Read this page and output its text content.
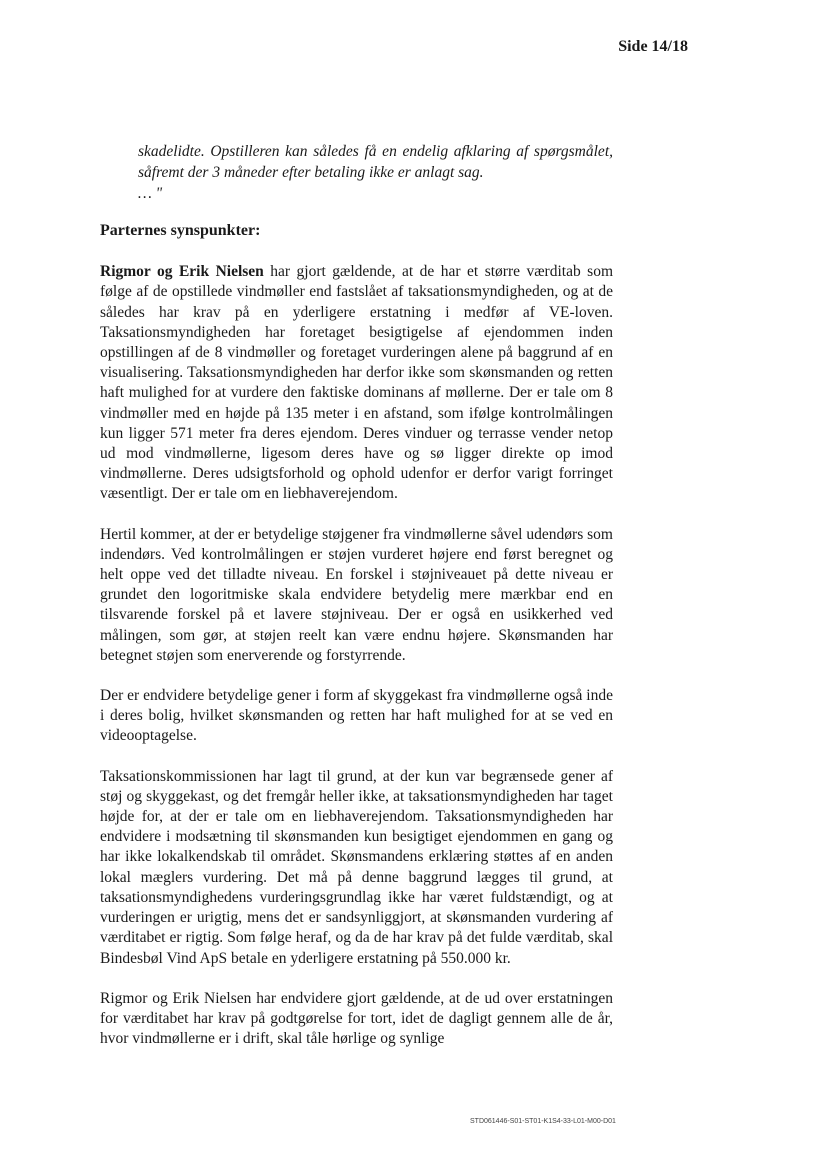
Side 14/18

skadelidte. Opstilleren kan således få en endelig afklaring af spørgsmålet, såfremt der 3 måneder efter betaling ikke er anlagt sag.

… "

Parternes synspunkter:

Rigmor og Erik Nielsen har gjort gældende, at de har et større værditab som følge af de opstillede vindmøller end fastslået af taksationsmyndigheden, og at de således har krav på en yderligere erstatning i medfør af VE-loven. Taksationsmyndigheden har foretaget besigtigelse af ejendommen inden opstillingen af de 8 vindmøller og foretaget vurderingen alene på baggrund af en visualisering. Taksationsmyndigheden har derfor ikke som skønsmanden og retten haft mulighed for at vurdere den faktiske dominans af møllerne. Der er tale om 8 vindmøller med en højde på 135 meter i en afstand, som ifølge kontrolmålingen kun ligger 571 meter fra deres ejendom. Deres vinduer og terrasse vender netop ud mod vindmøllerne, ligesom deres have og sø ligger direkte op imod vindmøllerne. Deres udsigtsforhold og ophold udenfor er derfor varigt forringet væsentligt. Der er tale om en liebhaverejendom.

Hertil kommer, at der er betydelige støjgener fra vindmøllerne såvel udendørs som indendørs. Ved kontrolmålingen er støjen vurderet højere end først beregnet og helt oppe ved det tilladte niveau. En forskel i støjniveauet på dette niveau er grundet den logoritmiske skala endvidere betydelig mere mærkbar end en tilsvarende forskel på et lavere støjniveau. Der er også en usikkerhed ved målingen, som gør, at støjen reelt kan være endnu højere. Skønsmanden har betegnet støjen som enerverende og forstyrrende.

Der er endvidere betydelige gener i form af skyggekast fra vindmøllerne også inde i deres bolig, hvilket skønsmanden og retten har haft mulighed for at se ved en videooptagelse.

Taksationskommissionen har lagt til grund, at der kun var begrænsede gener af støj og skyggekast, og det fremgår heller ikke, at taksationsmyndigheden har taget højde for, at der er tale om en liebhaverejendom. Taksationsmyndigheden har endvidere i modsætning til skønsmanden kun besigtiget ejendommen en gang og har ikke lokalkendskab til området. Skønsmandens erklæring støttes af en anden lokal mæglers vurdering. Det må på denne baggrund lægges til grund, at taksationsmyndighedens vurderingsgrundlag ikke har været fuldstændigt, og at vurderingen er urigtig, mens det er sandsynliggjort, at skønsmanden vurdering af værditabet er rigtig. Som følge heraf, og da de har krav på det fulde værditab, skal Bindesbøl Vind ApS betale en yderligere erstatning på 550.000 kr.

Rigmor og Erik Nielsen har endvidere gjort gældende, at de ud over erstatningen for værditabet har krav på godtgørelse for tort, idet de dagligt gennem alle de år, hvor vindmøllerne er i drift, skal tåle hørlige og synlige

STD061446-S01-ST01-K1S4-33-L01-M00-D01
